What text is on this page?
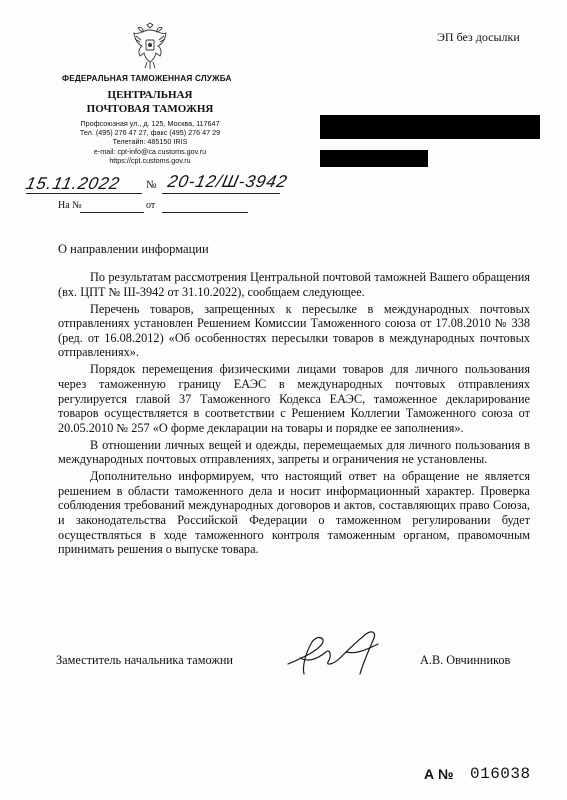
ФЕДЕРАЛЬНАЯ ТАМОЖЕННАЯ СЛУЖБА
ЦЕНТРАЛЬНАЯ
ПОЧТОВАЯ ТАМОЖНЯ
Профсоюзная ул., д. 125, Москва, 117647
Тел. (495) 276 47 27, факс (495) 276 47 29
Телетайп: 485150 IRIS
e-mail: cpt-info@ca.customs.gov.ru
https://cpt.customs.gov.ru
ЭП без досылки
15.11.2022 № 20-12/Ш-3942
На №	от
О направлении информации

По результатам рассмотрения Центральной почтовой таможней Вашего обращения (вх. ЦПТ № Ш-3942 от 31.10.2022), сообщаем следующее.

Перечень товаров, запрещенных к пересылке в международных почтовых отправлениях установлен Решением Комиссии Таможенного союза от 17.08.2010 № 338 (ред. от 16.08.2012) «Об особенностях пересылки товаров в международных почтовых отправлениях».

Порядок перемещения физическими лицами товаров для личного пользования через таможенную границу ЕАЭС в международных почтовых отправлениях регулируется главой 37 Таможенного Кодекса ЕАЭС, таможенное декларирование товаров осуществляется в соответствии с Решением Коллегии Таможенного союза от 20.05.2010 № 257 «О форме декларации на товары и порядке ее заполнения».

В отношении личных вещей и одежды, перемещаемых для личного пользования в международных почтовых отправлениях, запреты и ограничения не установлены.

Дополнительно информируем, что настоящий ответ на обращение не является решением в области таможенного дела и носит информационный характер. Проверка соблюдения требований международных договоров и актов, составляющих право Союза, и законодательства Российской Федерации о таможенном регулировании будет осуществляться в ходе таможенного контроля таможенным органом, правомочным принимать решения о выпуске товара.

Заместитель начальника таможни	А.В. Овчинников
А № 016038
